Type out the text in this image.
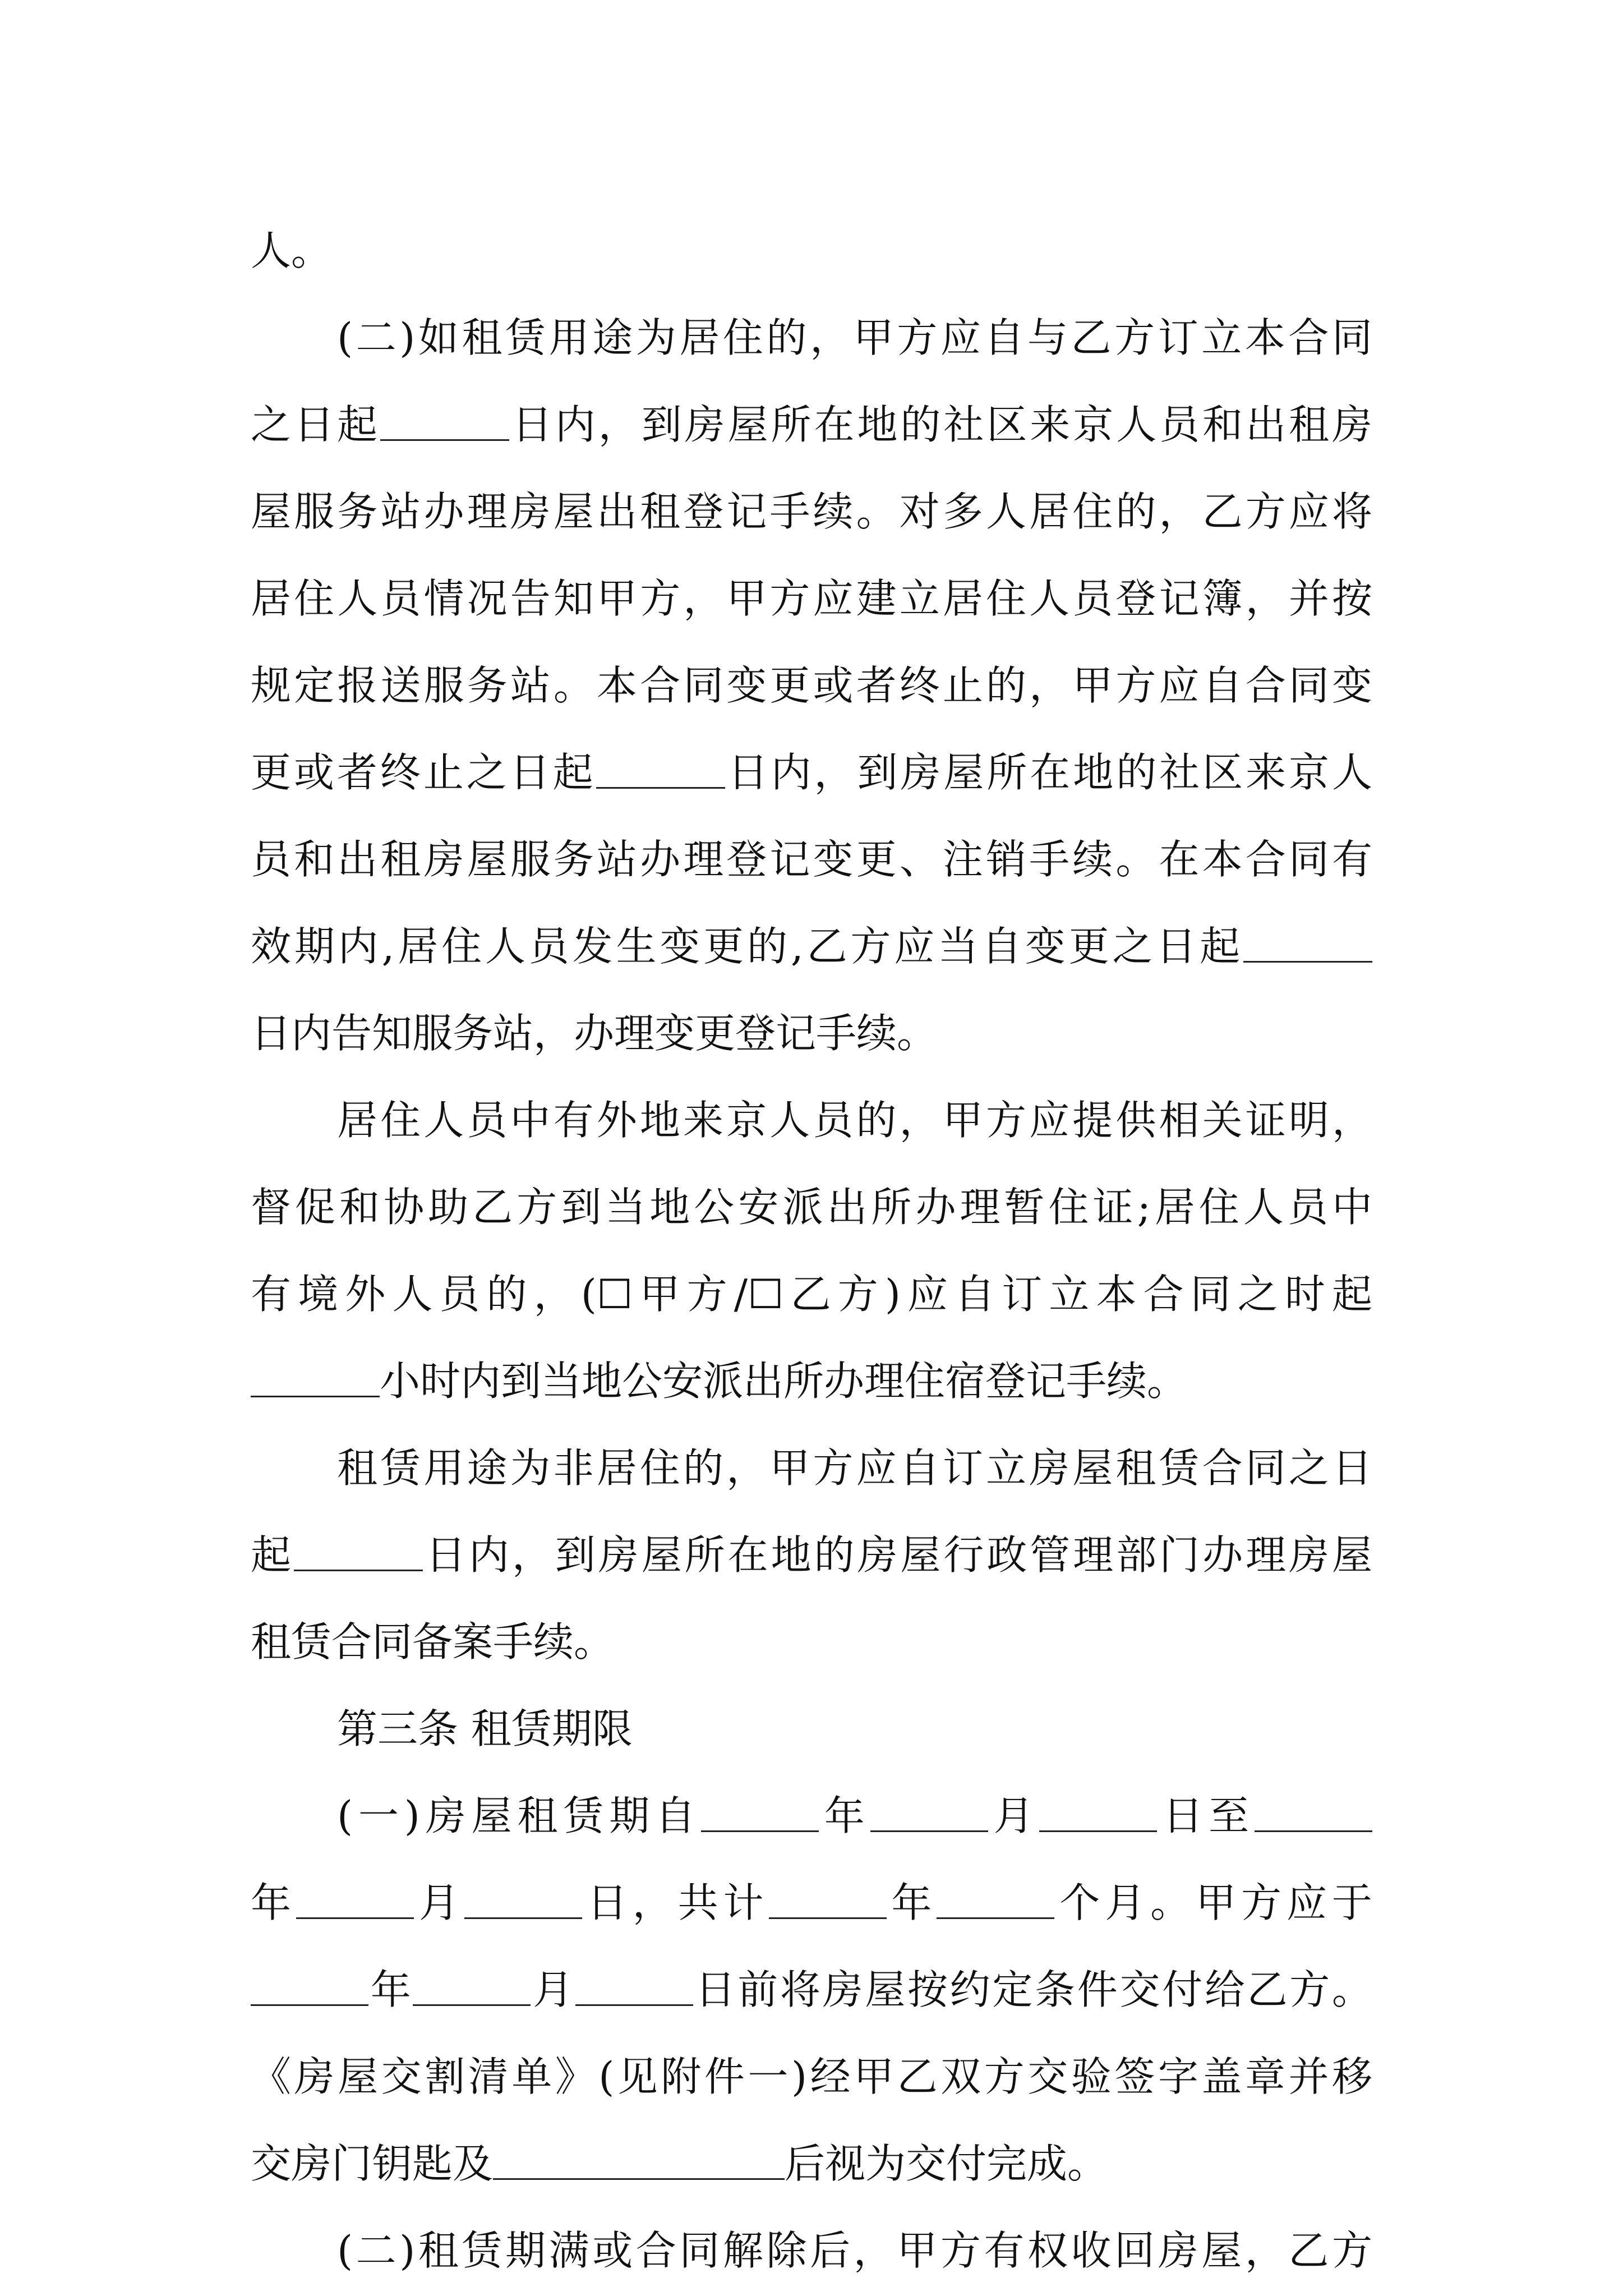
人。
(二)如租赁用途为居住的，甲方应自与乙方订立本合同
之日起	日内，到房屋所在地的社区来京人员和出租房
屋服务站办理房屋出租登记手续。对多人居住的，乙方应将
居住人员情况告知甲方，甲方应建立居住人员登记簿，并按
规定报送服务站。本合同变更或者终止的，甲方应自合同变
更或者终止之日起	日内，到房屋所在地的社区来京人
员和出租房屋服务站办理登记变更、注销手续。在本合同有
效期内,居住人员发生变更的,乙方应当自变更之日起
日内告知服务站，办理变更登记手续。
居住人员中有外地来京人员的，甲方应提供相关证明，
督促和协助乙方到当地公安派出所办理暂住证;居住人员中
有境外人员的，(☐甲方/☐乙方)应自订立本合同之时起
小时内到当地公安派出所办理住宿登记手续。
租赁用途为非居住的，甲方应自订立房屋租赁合同之日
起	日内，到房屋所在地的房屋行政管理部门办理房屋
租赁合同备案手续。
第三条 租赁期限
(一)房屋租赁期自	年	月	日至
年	月	日，共计	年	个月。甲方应于
年	月	日前将房屋按约定条件交付给乙方。
《房屋交割清单》(见附件一)经甲乙双方交验签字盖章并移
交房门钥匙及	后视为交付完成。
(二)租赁期满或合同解除后，甲方有权收回房屋，乙方
